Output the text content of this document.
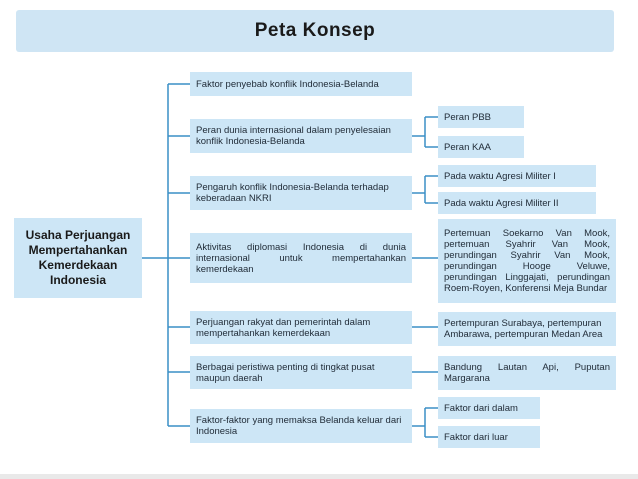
Peta Konsep
Usaha Perjuangan Mempertahankan Kemerdekaan Indonesia
Faktor penyebab konflik Indonesia-Belanda
Peran dunia internasional dalam penyelesaian konflik Indonesia-Belanda
Pengaruh konflik Indonesia-Belanda terhadap keberadaan NKRI
Aktivitas diplomasi Indonesia di dunia internasional untuk mempertahankan kemerdekaan
Perjuangan rakyat dan pemerintah dalam mempertahankan kemerdekaan
Berbagai peristiwa penting di tingkat pusat maupun daerah
Faktor-faktor yang memaksa Belanda keluar dari Indonesia
Peran PBB
Peran KAA
Pada waktu Agresi Militer I
Pada waktu Agresi Militer II
Pertemuan Soekarno Van Mook, pertemuan Syahrir Van Mook, perundingan Syahrir Van Mook, perundingan Hooge Veluwe, perundingan Linggajati, perundingan Roem-Royen, Konferensi Meja Bundar
Pertempuran Surabaya, pertempuran Ambarawa, pertempuran Medan Area
Bandung Lautan Api, Puputan Margarana
Faktor dari dalam
Faktor dari luar
